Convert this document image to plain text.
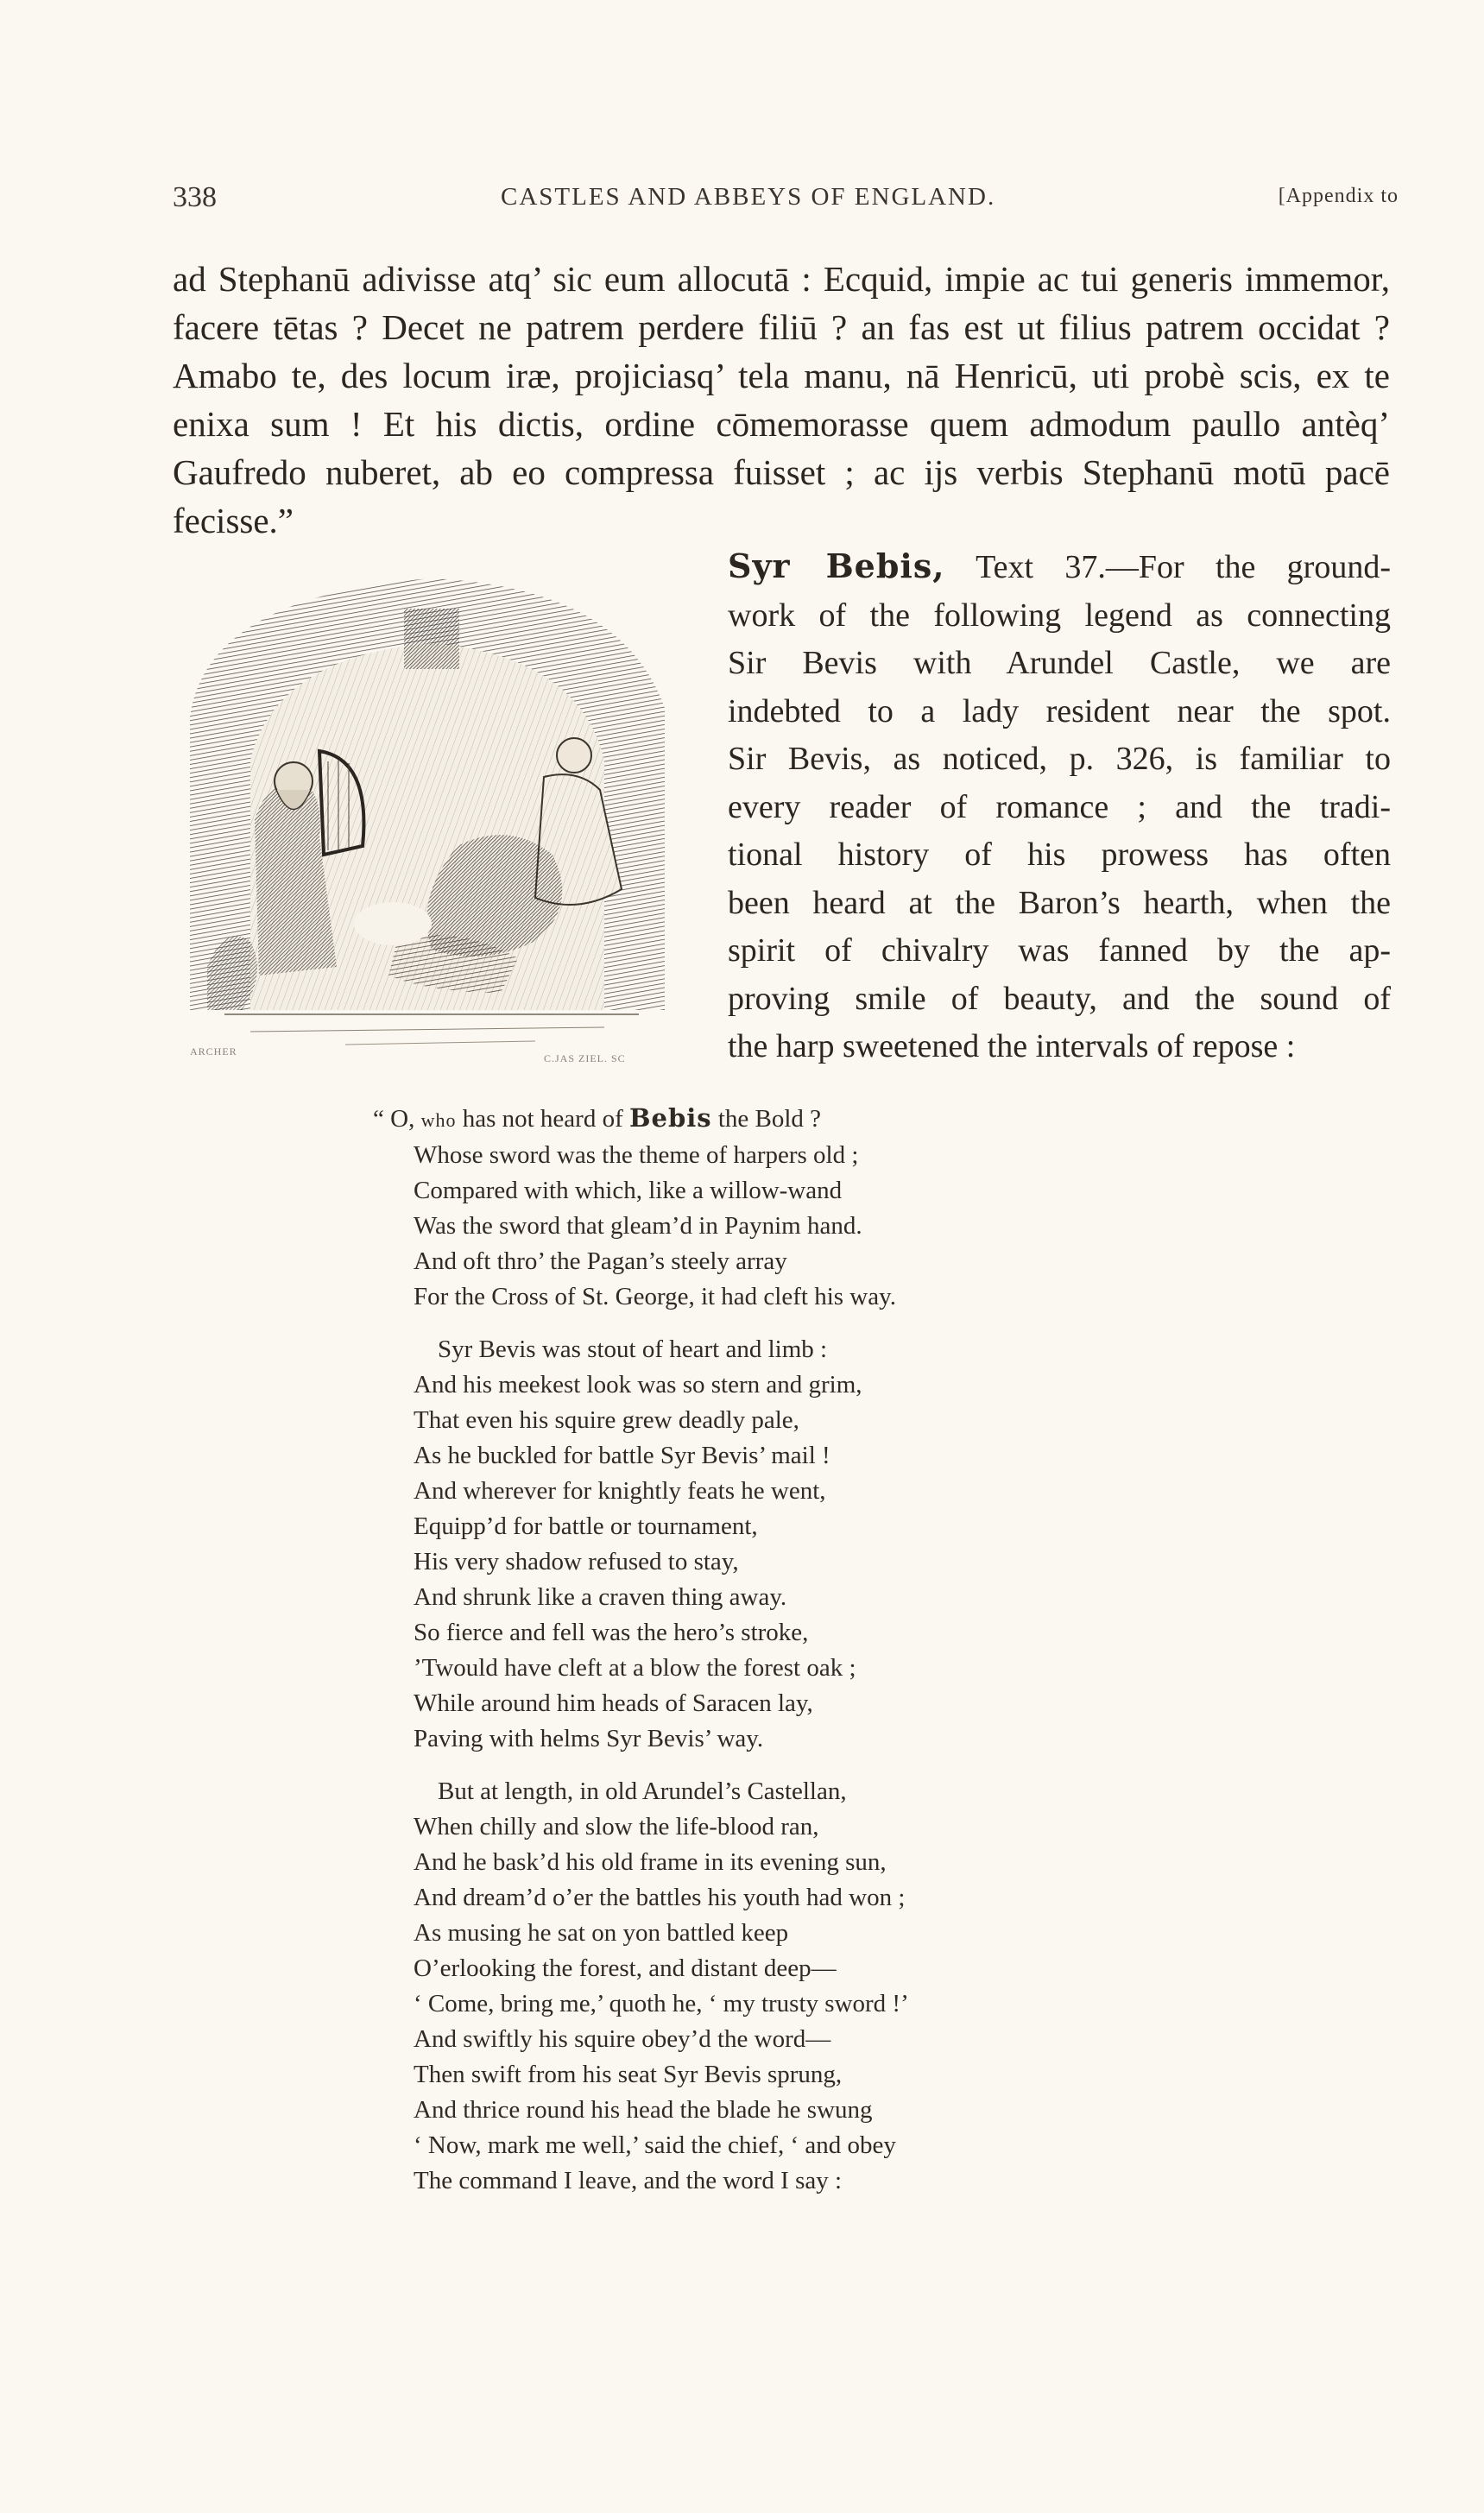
338	CASTLES AND ABBEYS OF ENGLAND.	[Appendix to
ad Stephanū adivisse atq’ sic eum allocutā : Ecquid, impie ac tui generis immemor, facere tētas ? Decet ne patrem perdere filiū ? an fas est ut filius patrem occidat ? Amabo te, des locum iræ, projiciasq’ tela manu, nā Henricū, uti probè scis, ex te enixa sum ! Et his dictis, ordine cōmemorasse quem admodum paullo antèq’ Gaufredo nuberet, ab eo compressa fuisset ; ac ijs verbis Stephanū motū pacē fecisse.”
ARCHER
C.JAS ZIEL. SC
Syr Bebis, Text 37.—For the ground-
work of the following legend as connecting
Sir Bevis with Arundel Castle, we are
indebted to a lady resident near the spot.
Sir Bevis, as noticed, p. 326, is familiar to
every reader of romance ; and the tradi-
tional history of his prowess has often
been heard at the Baron’s hearth, when the
spirit of chivalry was fanned by the ap-
proving smile of beauty, and the sound of
the harp sweetened the intervals of repose :
“ O, who has not heard of Bebis the Bold ?
Whose sword was the theme of harpers old ;
Compared with which, like a willow-wand
Was the sword that gleam’d in Paynim hand.
And oft thro’ the Pagan’s steely array
For the Cross of St. George, it had cleft his way.
Syr Bevis was stout of heart and limb :
And his meekest look was so stern and grim,
That even his squire grew deadly pale,
As he buckled for battle Syr Bevis’ mail !
And wherever for knightly feats he went,
Equipp’d for battle or tournament,
His very shadow refused to stay,
And shrunk like a craven thing away.
So fierce and fell was the hero’s stroke,
’Twould have cleft at a blow the forest oak ;
While around him heads of Saracen lay,
Paving with helms Syr Bevis’ way.
But at length, in old Arundel’s Castellan,
When chilly and slow the life-blood ran,
And he bask’d his old frame in its evening sun,
And dream’d o’er the battles his youth had won ;
As musing he sat on yon battled keep
O’erlooking the forest, and distant deep—
‘ Come, bring me,’ quoth he, ‘ my trusty sword !’
And swiftly his squire obey’d the word—
Then swift from his seat Syr Bevis sprung,
And thrice round his head the blade he swung
‘ Now, mark me well,’ said the chief, ‘ and obey
The command I leave, and the word I say :
